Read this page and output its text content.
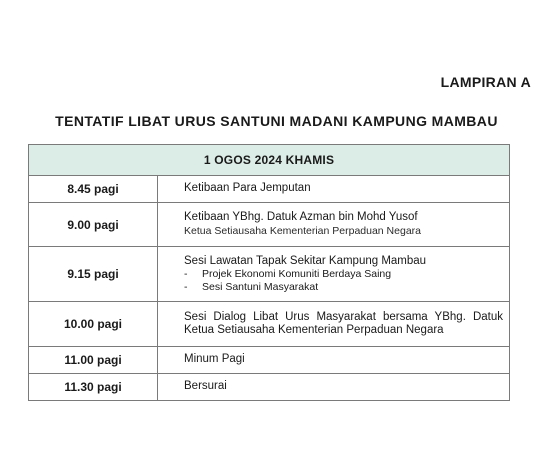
LAMPIRAN A
TENTATIF LIBAT URUS SANTUNI MADANI KAMPUNG MAMBAU
1 OGOS 2024 KHAMIS	
8.45 pagi	Ketibaan Para Jemputan

9.00 pagi	Ketibaan YBhg. Datuk Azman bin Mohd Yusof
Ketua Setiausaha Kementerian Perpaduan Negara

9.15 pagi	Sesi Lawatan Tapak Sekitar Kampung Mambau
- Projek Ekonomi Komuniti Berdaya Saing
- Sesi Santuni Masyarakat

10.00 pagi	Sesi Dialog Libat Urus Masyarakat bersama YBhg. Datuk Ketua Setiausaha Kementerian Perpaduan Negara

11.00 pagi	Minum Pagi

11.30 pagi	Bersurai
